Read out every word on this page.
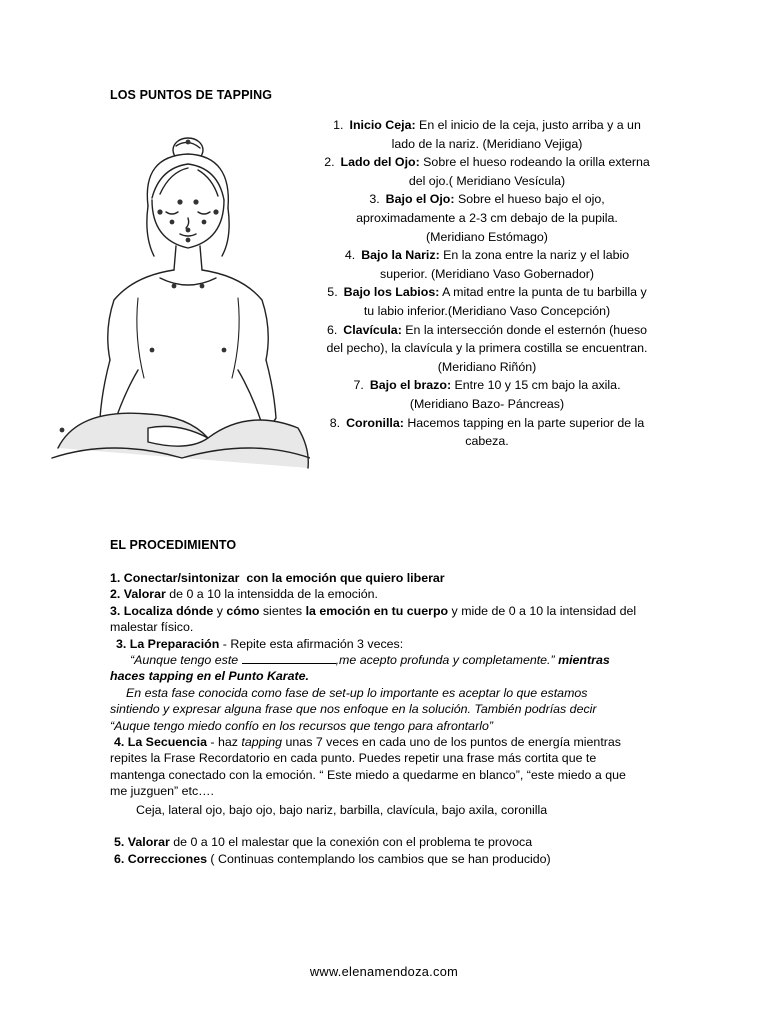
LOS PUNTOS DE TAPPING
1. Inicio Ceja: En el inicio de la ceja, justo arriba y a un
lado de la nariz. (Meridiano Vejiga)
2. Lado del Ojo: Sobre el hueso rodeando la orilla externa
del ojo.( Meridiano Vesícula)
3. Bajo el Ojo: Sobre el hueso bajo el ojo,
aproximadamente a 2-3 cm debajo de la pupila.
(Meridiano Estómago)
4. Bajo la Nariz: En la zona entre la nariz y el labio
superior. (Meridiano Vaso Gobernador)
5. Bajo los Labios: A mitad entre la punta de tu barbilla y
tu labio inferior.(Meridiano Vaso Concepción)
6. Clavícula: En la intersección donde el esternón (hueso
del pecho), la clavícula y la primera costilla se encuentran.
(Meridiano Riñón)
7. Bajo el brazo: Entre 10 y 15 cm bajo la axila.
(Meridiano Bazo- Páncreas)
8. Coronilla: Hacemos tapping en la parte superior de la
cabeza.
EL PROCEDIMIENTO
1. Conectar/sintonizar  con la emoción que quiero liberar
2. Valorar de 0 a 10 la intensidda de la emoción.
3. Localiza dónde y cómo sientes la emoción en tu cuerpo y mide de 0 a 10 la intensidad del
malestar físico.
3. La Preparación - Repite esta afirmación 3 veces:
“Aunque tengo este	,me acepto profunda y completamente.” mientras
haces tapping en el Punto Karate.
En esta fase conocida como fase de set-up lo importante es aceptar lo que estamos
sintiendo y expresar alguna frase que nos enfoque en la solución. También podrías decir
“Auque tengo miedo confío en los recursos que tengo para afrontarlo”
4. La Secuencia - haz tapping unas 7 veces en cada uno de los puntos de energía mientras
repites la Frase Recordatorio en cada punto. Puedes repetir una frase más cortita que te
mantenga conectado con la emoción. “ Este miedo a quedarme en blanco”, “este miedo a que
me juzguen” etc….
Ceja, lateral ojo, bajo ojo, bajo nariz, barbilla, clavícula, bajo axila, coronilla
5. Valorar de 0 a 10 el malestar que la conexión con el problema te provoca
6. Correcciones ( Continuas contemplando los cambios que se han producido)
www.elenamendoza.com
